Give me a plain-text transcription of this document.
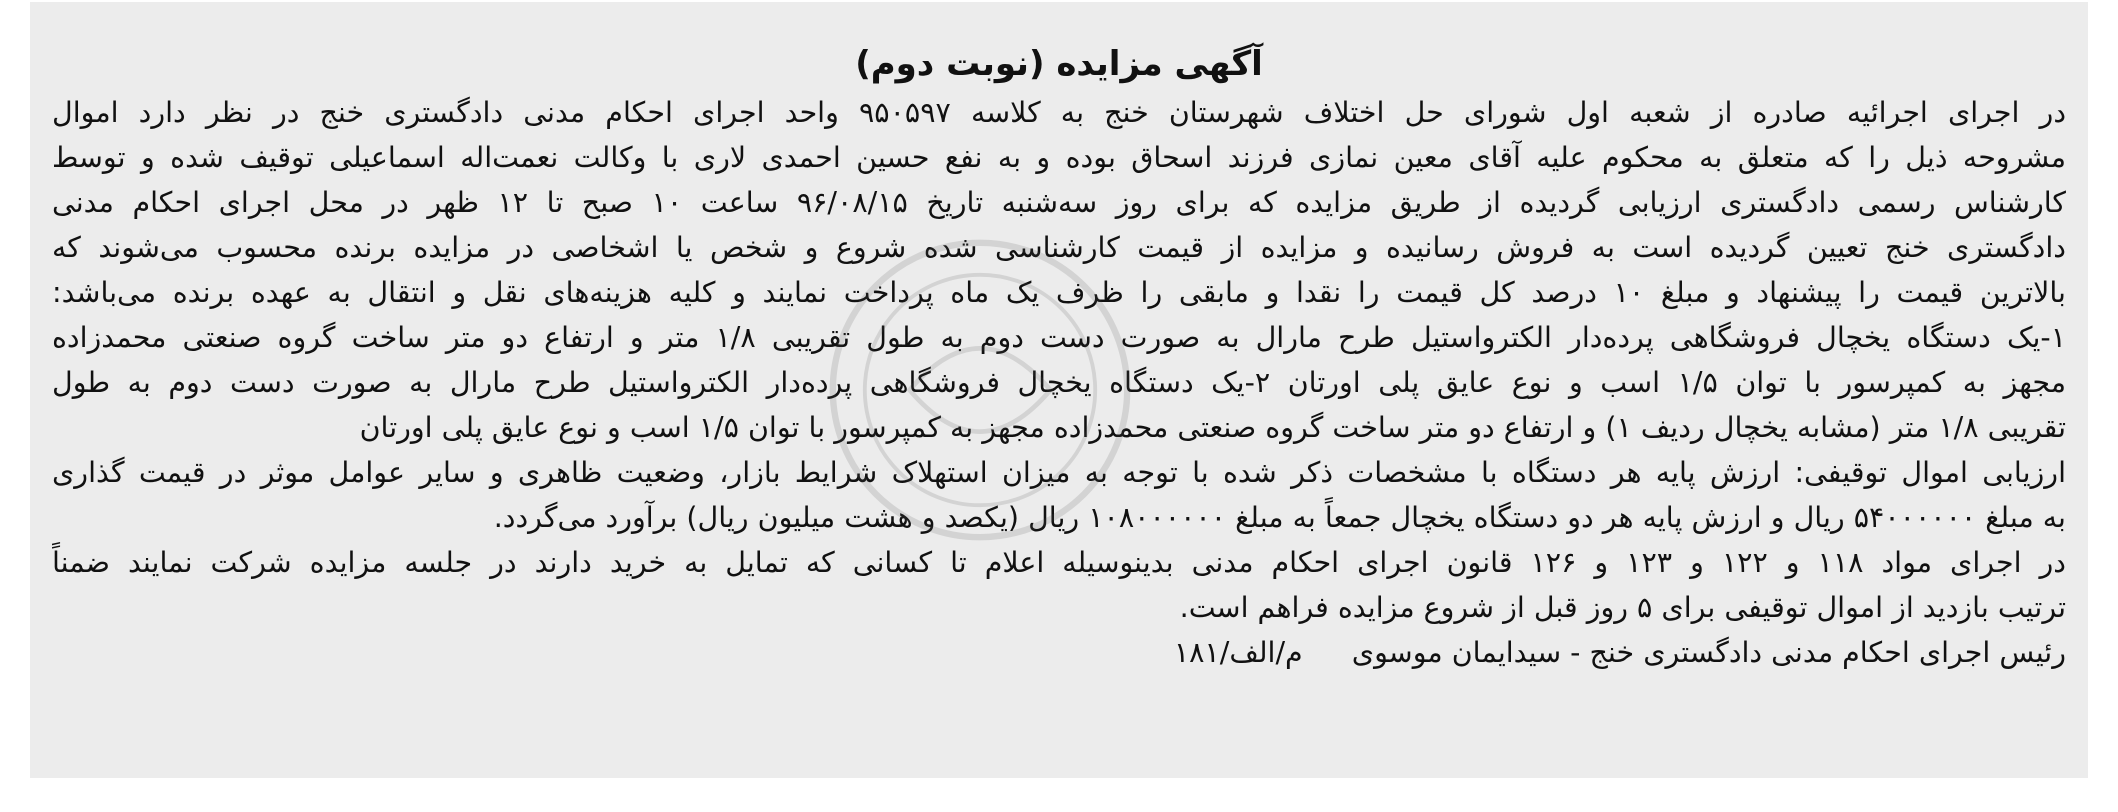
آگهی مزایده (نوبت دوم)
در اجرای اجرائیه صادره از شعبه اول شورای حل اختلاف شهرستان خنج به کلاسه ۹۵۰۵۹۷ واحد اجرای احکام مدنی دادگستری خنج در نظر دارد اموال
مشروحه ذیل را که متعلق به محکوم علیه آقای معین نمازی فرزند اسحاق بوده و به نفع حسین احمدی لاری با وکالت نعمت‌اله اسماعیلی توقیف شده و توسط
کارشناس رسمی دادگستری ارزیابی گردیده از طریق مزایده که برای روز سه‌شنبه تاریخ ۹۶/۰۸/۱۵ ساعت ۱۰ صبح تا ۱۲ ظهر در محل اجرای احکام مدنی
دادگستری خنج تعیین گردیده است به فروش رسانیده و مزایده از قیمت کارشناسی شده شروع و شخص یا اشخاصی در مزایده برنده محسوب می‌شوند که
بالاترین قیمت را پیشنهاد و مبلغ ۱۰ درصد کل قیمت را نقدا و مابقی را ظرف یک ماه پرداخت نمایند و کلیه هزینه‌های نقل و انتقال به عهده برنده می‌باشد:
۱-یک دستگاه یخچال فروشگاهی پرده‌دار الکترواستیل طرح مارال به صورت دست دوم به طول تقریبی ۱/۸ متر و ارتفاع دو متر ساخت گروه صنعتی محمدزاده
مجهز به کمپرسور با توان ۱/۵ اسب و نوع عایق پلی اورتان ۲-یک دستگاه یخچال فروشگاهی پرده‌دار الکترواستیل طرح مارال به صورت دست دوم به طول
تقریبی ۱/۸ متر (مشابه یخچال ردیف ۱) و ارتفاع دو متر ساخت گروه صنعتی محمدزاده مجهز به کمپرسور با توان ۱/۵ اسب و نوع عایق پلی اورتان
ارزیابی اموال توقیفی: ارزش پایه هر دستگاه با مشخصات ذکر شده با توجه به میزان استهلاک شرایط بازار، وضعیت ظاهری و سایر عوامل موثر در قیمت گذاری
به مبلغ ۵۴۰۰۰۰۰۰ ریال و ارزش پایه هر دو دستگاه یخچال جمعاً به مبلغ ۱۰۸۰۰۰۰۰۰ ریال (یکصد و هشت میلیون ریال) برآورد می‌گردد.
در اجرای مواد ۱۱۸ و ۱۲۲ و ۱۲۳ و ۱۲۶ قانون اجرای احکام مدنی بدینوسیله اعلام تا کسانی که تمایل به خرید دارند در جلسه مزایده شرکت نمایند ضمناً
ترتیب بازدید از اموال توقیفی برای ۵ روز قبل از شروع مزایده فراهم است.
رئیس اجرای احکام مدنی دادگستری خنج - سیدایمان موسوی م/الف/۱۸۱
